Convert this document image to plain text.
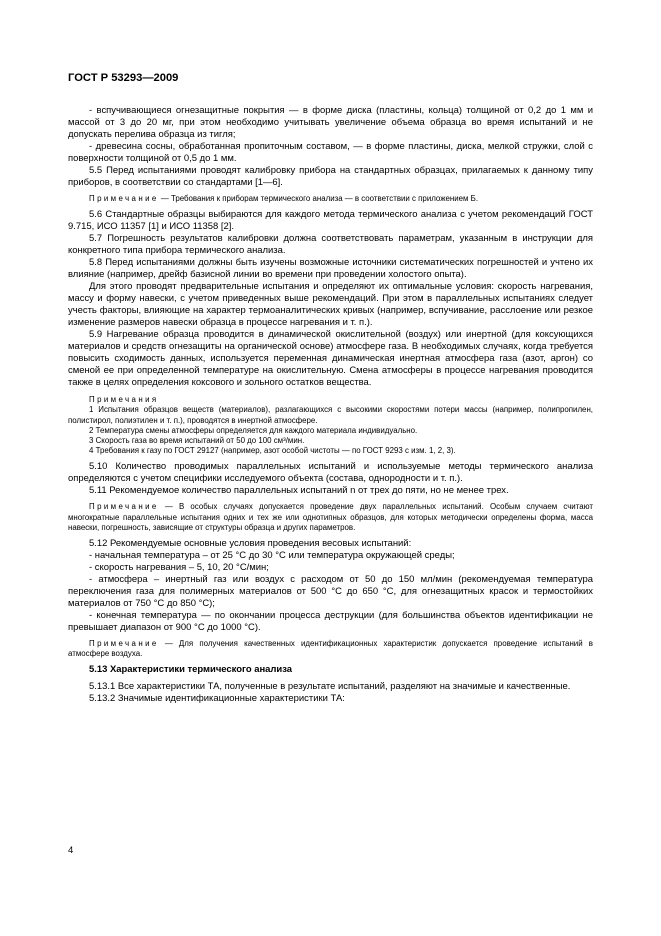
ГОСТ Р 53293—2009

- вспучивающиеся огнезащитные покрытия — в форме диска (пластины, кольца) толщиной от 0,2 до 1 мм и массой от 3 до 20 мг, при этом необходимо учитывать увеличение объема образца во время испытаний и не допускать перелива образца из тигля;

- древесина сосны, обработанная пропиточным составом, — в форме пластины, диска, мелкой стружки, слой с поверхности толщиной от 0,5 до 1 мм.

5.5 Перед испытаниями проводят калибровку прибора на стандартных образцах, прилагаемых к данному типу приборов, в соответствии со стандартами [1—6].

Примечание — Требования к приборам термического анализа — в соответствии с приложением Б.

5.6 Стандартные образцы выбираются для каждого метода термического анализа с учетом рекомендаций ГОСТ 9.715, ИСО 11357 [1] и ИСО 11358 [2].

5.7 Погрешность результатов калибровки должна соответствовать параметрам, указанным в инструкции для конкретного типа прибора термического анализа.

5.8 Перед испытаниями должны быть изучены возможные источники систематических погрешностей и учтено их влияние (например, дрейф базисной линии во времени при проведении холостого опыта).

Для этого проводят предварительные испытания и определяют их оптимальные условия: скорость нагревания, массу и форму навески, с учетом приведенных выше рекомендаций. При этом в параллельных испытаниях следует учесть факторы, влияющие на характер термоаналитических кривых (например, вспучивание, расслоение или резкое изменение размеров навески образца в процессе нагревания и т. п.).

5.9 Нагревание образца проводится в динамической окислительной (воздух) или инертной (для коксующихся материалов и средств огнезащиты на органической основе) атмосфере газа. В необходимых случаях, когда требуется повысить сходимость данных, используется переменная динамическая инертная атмосфера газа (азот, аргон) со сменой ее при определенной температуре на окислительную. Смена атмосферы в процессе нагревания проводится также в целях определения коксового и зольного остатков вещества.

Примечания
1 Испытания образцов веществ (материалов), разлагающихся с высокими скоростями потери массы (например, полипропилен, полистирол, полиэтилен и т. п.), проводятся в инертной атмосфере.
2 Температура смены атмосферы определяется для каждого материала индивидуально.
3 Скорость газа во время испытаний от 50 до 100 см³/мин.
4 Требования к газу по ГОСТ 29127 (например, азот особой чистоты — по ГОСТ 9293 с изм. 1, 2, 3).

5.10 Количество проводимых параллельных испытаний и используемые методы термического анализа определяются с учетом специфики исследуемого объекта (состава, однородности и т. п.).

5.11 Рекомендуемое количество параллельных испытаний n от трех до пяти, но не менее трех.

Примечание — В особых случаях допускается проведение двух параллельных испытаний. Особым случаем считают многократные параллельные испытания одних и тех же или однотипных образцов, для которых методически определены форма, масса навески, погрешность, зависящие от структуры образца и других параметров.

5.12 Рекомендуемые основные условия проведения весовых испытаний:

- начальная температура – от 25 °C до 30 °C или температура окружающей среды;

- скорость нагревания – 5, 10, 20 °C/мин;

- атмосфера – инертный газ или воздух с расходом от 50 до 150 мл/мин (рекомендуемая температура переключения газа для полимерных материалов от 500 °C до 650 °C, для огнезащитных красок и термостойких материалов от 750 °C до 850 °C);

- конечная температура — по окончании процесса деструкции (для большинства объектов идентификации не превышает диапазон от 900 °C до 1000 °C).

Примечание — Для получения качественных идентификационных характеристик допускается проведение испытаний в атмосфере воздуха.

5.13 Характеристики термического анализа

5.13.1 Все характеристики ТА, полученные в результате испытаний, разделяют на значимые и качественные.

5.13.2 Значимые идентификационные характеристики ТА:

4
